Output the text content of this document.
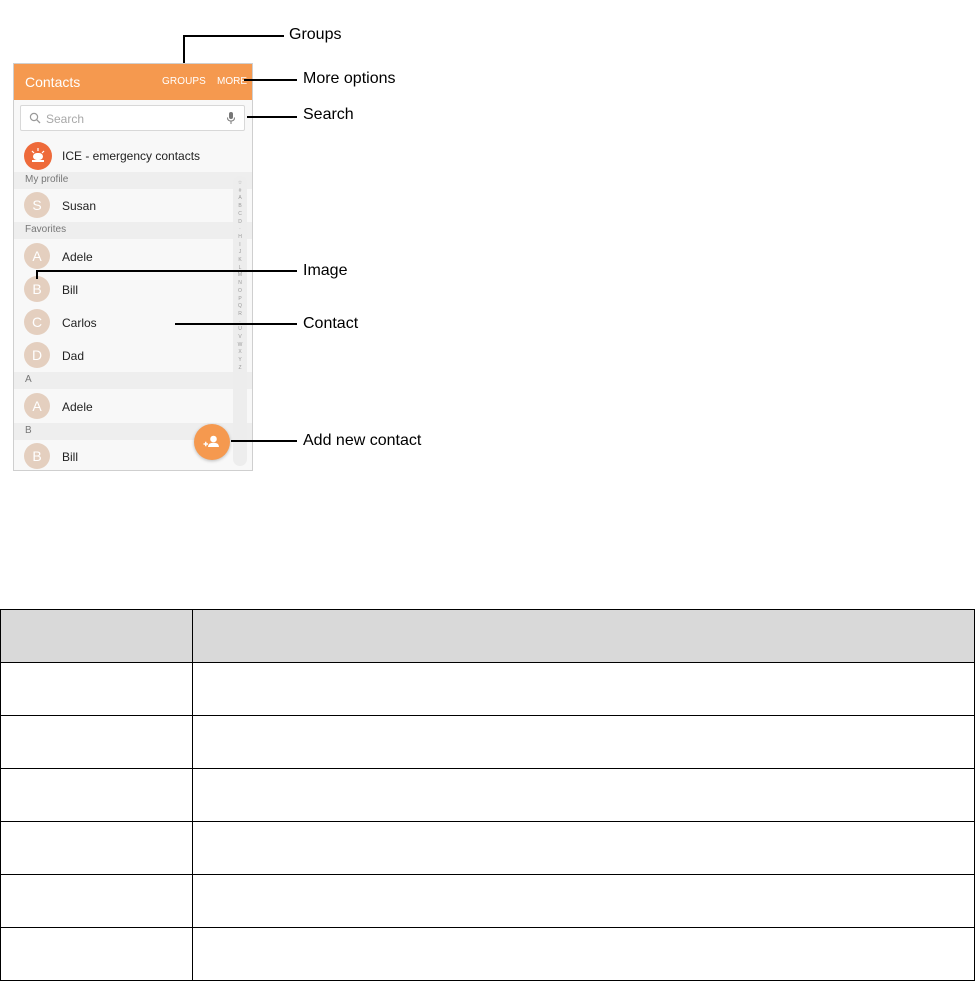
Contacts	GROUPS MORE
Search
ICE - emergency contacts
My profile
S	Susan
Favorites
A	Adele
B	Bill
C	Carlos
D	Dad
A
A	Adele
B
B	Bill
☆
#
A
B
C
D
·
H
I
J
K
L
M
N
O
P
Q
R
·
U
V
W
X
Y
Z
Groups
More options
Search
Image
Contact
Add new contact
